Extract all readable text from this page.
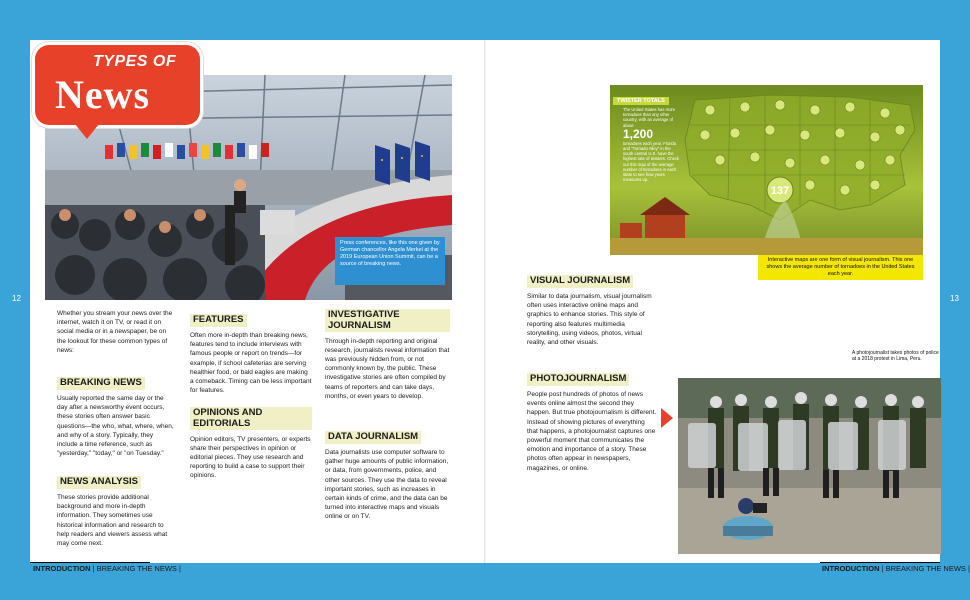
12	13
Press conferences, like this one given by German chancellor Angela Merkel at the 2019 European Union Summit, can be a source of breaking news.
TYPES OF
News
Whether you stream your news over the internet, watch it on TV, or read it on social media or in a newspaper, be on the lookout for these common types of news:
BREAKING NEWS
Usually reported the same day or the day after a newsworthy event occurs, these stories often answer basic questions—the who, what, where, when, and why of a story. Typically, they include a time reference, such as "yesterday," "today," or "on Tuesday."
NEWS ANALYSIS
These stories provide additional background and more in-depth information. They sometimes use historical information and research to help readers and viewers assess what may come next.
FEATURES
Often more in-depth than breaking news, features tend to include interviews with famous people or report on trends—for example, if school cafeterias are serving healthier food, or bald eagles are making a comeback. Timing can be less important for features.
OPINIONS AND EDITORIALS
Opinion editors, TV presenters, or experts share their perspectives in opinion or editorial pieces. They use research and reporting to build a case to support their opinions.
INVESTIGATIVE JOURNALISM
Through in-depth reporting and original research, journalists reveal information that was previously hidden from, or not commonly known by, the public. These investigative stories are often compiled by teams of reporters and can take days, months, or even years to develop.
DATA JOURNALISM
Data journalists use computer software to gather huge amounts of public information, or data, from governments, police, and other sources. They use the data to reveal important stories, such as increases in certain kinds of crime, and the data can be turned into interactive maps and visuals online or on TV.
VISUAL JOURNALISM
Similar to data journalism, visual journalism often uses interactive online maps and graphics to enhance stories. This style of reporting also features multimedia storytelling, using videos, photos, virtual reality, and other visuals.
PHOTOJOURNALISM
People post hundreds of photos of news events online almost the second they happen. But true photojournalism is different. Instead of showing pictures of everything that happens, a photojournalist captures one powerful moment that communicates the emotion and importance of a story. These photos often appear in newspapers, magazines, or online.
137
TWISTER TOTALS
The United States has more tornadoes than any other country, with an average of about
1,200
tornadoes each year. Florida and "Tornado Alley" in the south-central U.S. have the highest rate of twisters. Check out this map of the average number of tornadoes in each state to see how yours measures up.
Interactive maps are one form of visual journalism. This one shows the average number of tornadoes in the United States each year.
A photojournalist takes photos of police at a 2018 protest in Lima, Peru.
INTRODUCTION | BREAKING THE NEWS |	INTRODUCTION | BREAKING THE NEWS |
